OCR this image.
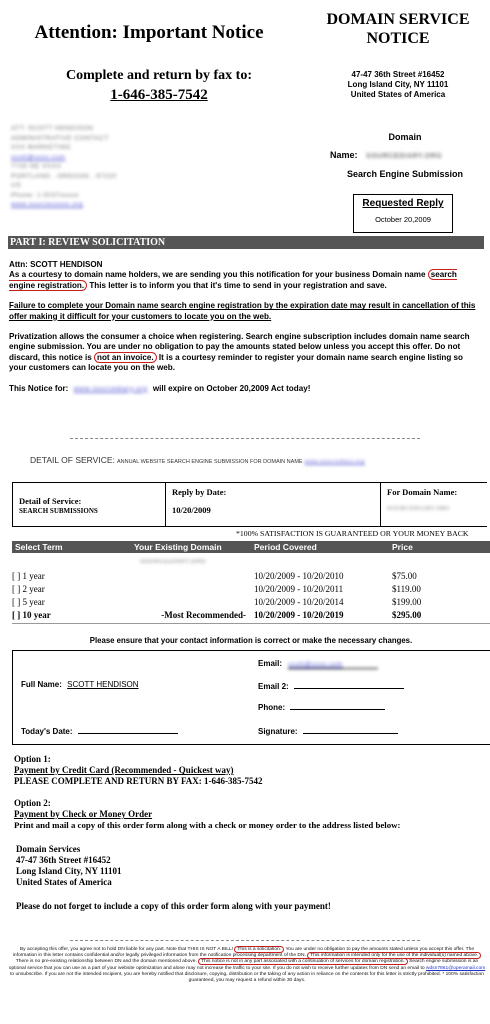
Attention: Important Notice
Complete and return by fax to:
1-646-385-7542
DOMAIN SERVICE
NOTICE
47-47 36th Street #16452
Long Island City, NY 11101
United States of America
ATT: SCOTT HENDISON
ADMINISTRATIVE CONTACT
XXX MARKETING
scott@xxxx.com
7735 NE XXXX
PORTLAND , OREGON , 97220
US
Phone: 1-5037xxxxx
www.sourcexxxxx.org
Domain
Name: SOURCEDIARY.ORG
Search Engine Submission
Requested Reply
October 20,2009
PART I: REVIEW SOLICITATION
Attn: SCOTT HENDISON
As a courtesy to domain name holders, we are sending you this notification for your business Domain name search engine registration. This letter is to inform you that it's time to send in your registration and save.
Failure to complete your Domain name search engine registration by the expiration date may result in cancellation of this offer making it difficult for your customers to locate you on the web.
Privatization allows the consumer a choice when registering. Search engine subscription includes domain name search engine submission. You are under no obligation to pay the amounts stated below unless you accept this offer. Do not discard, this notice is not an invoice. It is a courtesy reminder to register your domain name search engine listing so your customers can locate you on the web.
This Notice for: www.sourcediary.org will expire on October 20,2009 Act today!
DETAIL OF SERVICE: ANNUAL WEBSITE SEARCH ENGINE SUBMISSION FOR DOMAIN NAME www.sourcediary.org
Detail of Service:
SEARCH SUBMISSIONS
Reply by Date:
10/20/2009
For Domain Name:
SOURCEDIARY.ORG
*100% SATISFACTION IS GUARANTEED OR YOUR MONEY BACK
Select Term	Your Existing Domain	Period Covered	Price
SOURCEDIARY.ORG
[ ] 1 year		10/20/2009 - 10/20/2010	$75.00
[ ] 2 year		10/20/2009 - 10/20/2011	$119.00
[ ] 5 year		10/20/2009 - 10/20/2014	$199.00
[ ] 10 year	-Most Recommended-	10/20/2009 - 10/20/2019	$295.00
Please ensure that your contact information is correct or make the necessary changes.
Full Name: SCOTT HENDISON
Email: scott@xxxx.com
Email 2:
Phone:
Today's Date:	Signature:
Option 1:
Payment by Credit Card (Recommended - Quickest way)
PLEASE COMPLETE AND RETURN BY FAX: 1-646-385-7542
Option 2:
Payment by Check or Money Order
Print and mail a copy of this order form along with a check or money order to the address listed below:
Domain Services
47-47 36th Street #16452
Long Island City, NY 11101
United States of America
Please do not forget to include a copy of this order form along with your payment!
By accepting this offer, you agree not to hold DN liable for any part. Note that THIS IS NOT A BILL! This is a solicitation. You are under no obligation to pay the amounts stated unless you accept this offer. The information in this letter contains confidential and/or legally privileged information from the notification processing department of the DN. This information is intended only for the use of the individual(s) named above. There is no pre-existing relationship between DN and the domain mentioned above. This notice is not in any part associated with a continuation of services for domain registration. Search engine submission is an optional service that you can use as a part of your website optimization and alone may not increase the traffic to your site. If you do not wish to receive further updates from DN send an email to wdsn7861@operamail.com to unsubscribe. If you are not the intended recipient, you are hereby notified that disclosure, copying, distribution or the taking of any action in reliance on the contents for this letter is strictly prohibited. * 100% satisfaction guaranteed, you may request a refund within 30 days.
